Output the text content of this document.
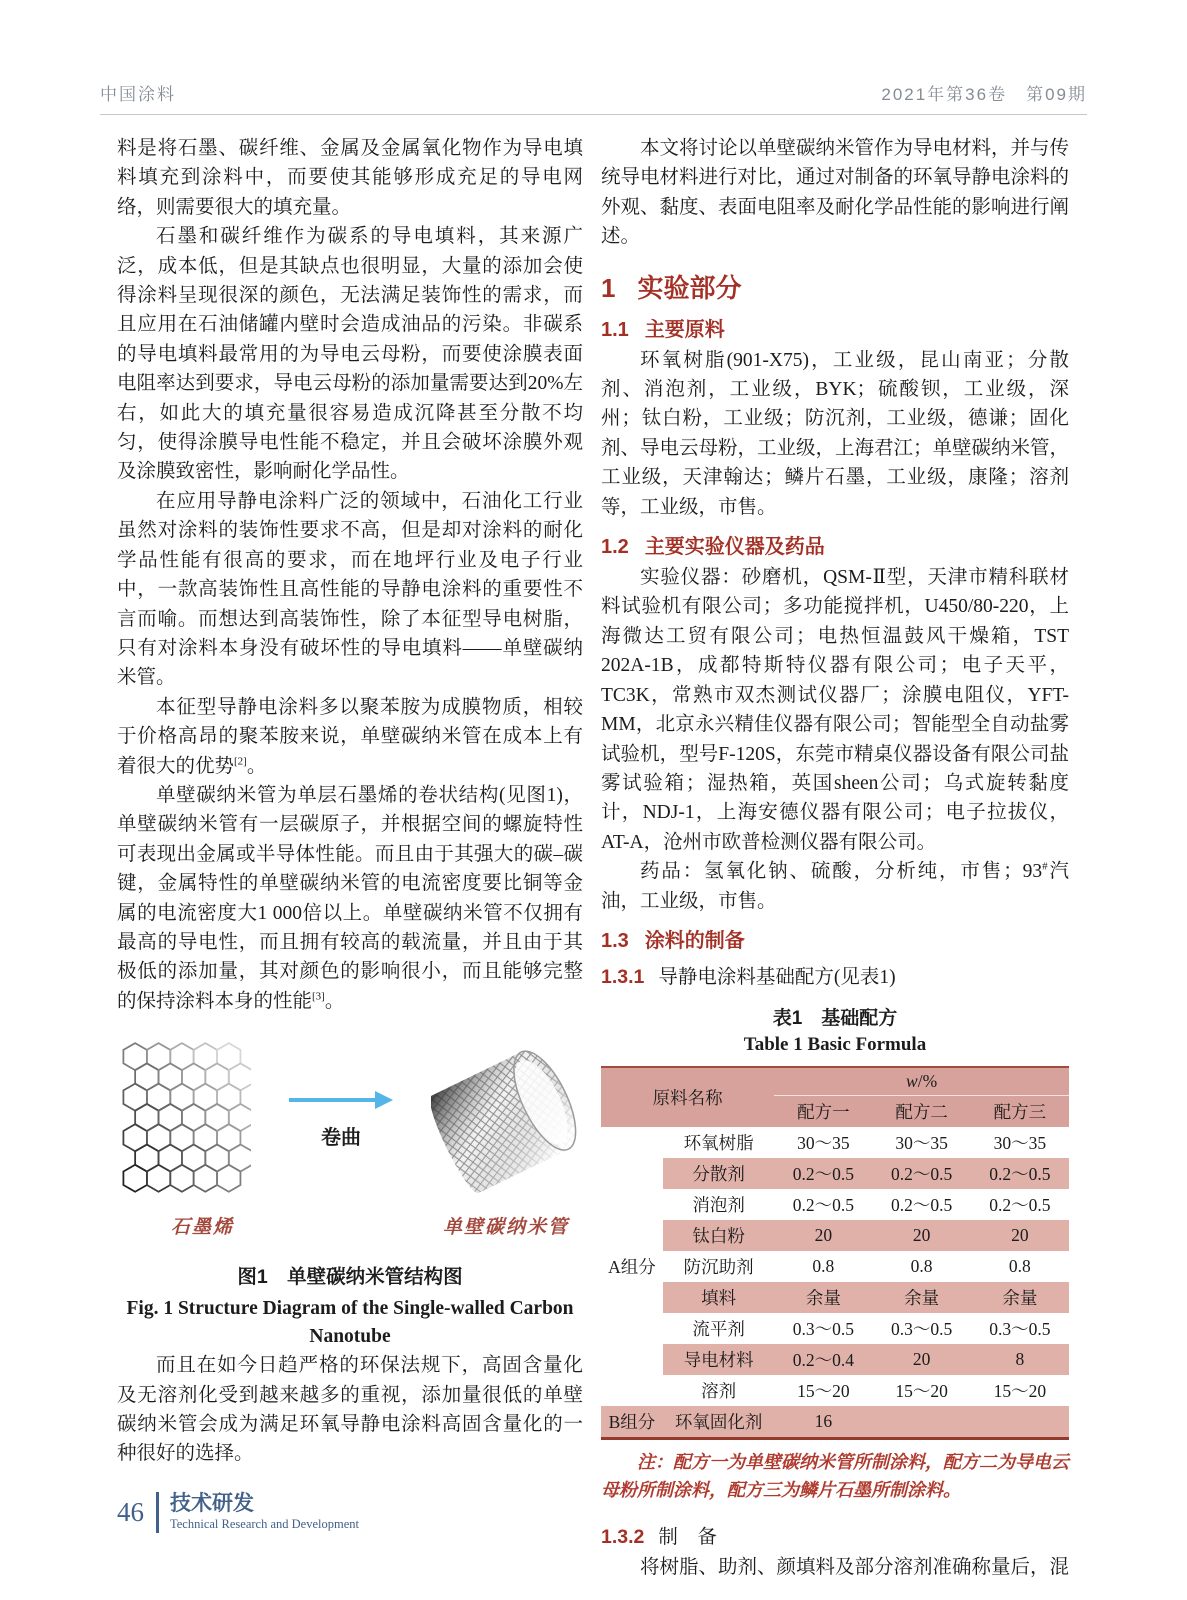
中国涂料	2021年第36卷　第09期

料是将石墨、碳纤维、金属及金属氧化物作为导电填料填充到涂料中，而要使其能够形成充足的导电网络，则需要很大的填充量。

石墨和碳纤维作为碳系的导电填料，其来源广泛，成本低，但是其缺点也很明显，大量的添加会使得涂料呈现很深的颜色，无法满足装饰性的需求，而且应用在石油储罐内壁时会造成油品的污染。非碳系的导电填料最常用的为导电云母粉，而要使涂膜表面电阻率达到要求，导电云母粉的添加量需要达到20%左右，如此大的填充量很容易造成沉降甚至分散不均匀，使得涂膜导电性能不稳定，并且会破坏涂膜外观及涂膜致密性，影响耐化学品性。

在应用导静电涂料广泛的领域中，石油化工行业虽然对涂料的装饰性要求不高，但是却对涂料的耐化学品性能有很高的要求，而在地坪行业及电子行业中，一款高装饰性且高性能的导静电涂料的重要性不言而喻。而想达到高装饰性，除了本征型导电树脂，只有对涂料本身没有破坏性的导电填料——单壁碳纳米管。

本征型导静电涂料多以聚苯胺为成膜物质，相较于价格高昂的聚苯胺来说，单壁碳纳米管在成本上有着很大的优势[2]。

单壁碳纳米管为单层石墨烯的卷状结构(见图1)，单壁碳纳米管有一层碳原子，并根据空间的螺旋特性可表现出金属或半导体性能。而且由于其强大的碳–碳键，金属特性的单壁碳纳米管的电流密度要比铜等金属的电流密度大1 000倍以上。单壁碳纳米管不仅拥有最高的导电性，而且拥有较高的载流量，并且由于其极低的添加量，其对颜色的影响很小，而且能够完整的保持涂料本身的性能[3]。

卷曲
石墨烯	单壁碳纳米管
图1　单壁碳纳米管结构图
Fig. 1 Structure Diagram of the Single-walled Carbon
Nanotube

而且在如今日趋严格的环保法规下，高固含量化及无溶剂化受到越来越多的重视，添加量很低的单壁碳纳米管会成为满足环氧导静电涂料高固含量化的一种很好的选择。

本文将讨论以单壁碳纳米管作为导电材料，并与传统导电材料进行对比，通过对制备的环氧导静电涂料的外观、黏度、表面电阻率及耐化学品性能的影响进行阐述。

1 实验部分
1.1 主要原料

环氧树脂(901-X75)，工业级，昆山南亚；分散剂、消泡剂，工业级，BYK；硫酸钡，工业级，深州；钛白粉，工业级；防沉剂，工业级，德谦；固化剂、导电云母粉，工业级，上海君江；单壁碳纳米管，工业级，天津翰达；鳞片石墨，工业级，康隆；溶剂等，工业级，市售。

1.2 主要实验仪器及药品

实验仪器：砂磨机，QSM-Ⅱ型，天津市精科联材料试验机有限公司；多功能搅拌机，U450/80-220，上海微达工贸有限公司；电热恒温鼓风干燥箱，TST 202A-1B，成都特斯特仪器有限公司；电子天平，TC3K，常熟市双杰测试仪器厂；涂膜电阻仪，YFT-MM，北京永兴精佳仪器有限公司；智能型全自动盐雾试验机，型号F-120S，东莞市精桌仪器设备有限公司盐雾试验箱；湿热箱，英国sheen公司；乌式旋转黏度计，NDJ-1，上海安德仪器有限公司；电子拉拔仪，AT-A，沧州市欧普检测仪器有限公司。

药品：氢氧化钠、硫酸，分析纯，市售；93#汽油，工业级，市售。

1.3 涂料的制备
1.3.1 导静电涂料基础配方(见表1)
表1　基础配方
Table 1 Basic Formula
原料名称		w/%		
		配方一	配方二	配方三
A组分	环氧树脂	30～35	30～35	30～35
	分散剂	0.2～0.5	0.2～0.5	0.2～0.5
	消泡剂	0.2～0.5	0.2～0.5	0.2～0.5
	钛白粉	20	20	20
	防沉助剂	0.8	0.8	0.8
	填料	余量	余量	余量
	流平剂	0.3～0.5	0.3～0.5	0.3～0.5
	导电材料	0.2～0.4	20	8
	溶剂	15～20	15～20	15～20
B组分	环氧固化剂	16		
注：配方一为单壁碳纳米管所制涂料，配方二为导电云母粉所制涂料，配方三为鳞片石墨所制涂料。
1.3.2 制　备

将树脂、助剂、颜填料及部分溶剂准确称量后，混

46	技术研发
Technical Research and Development
